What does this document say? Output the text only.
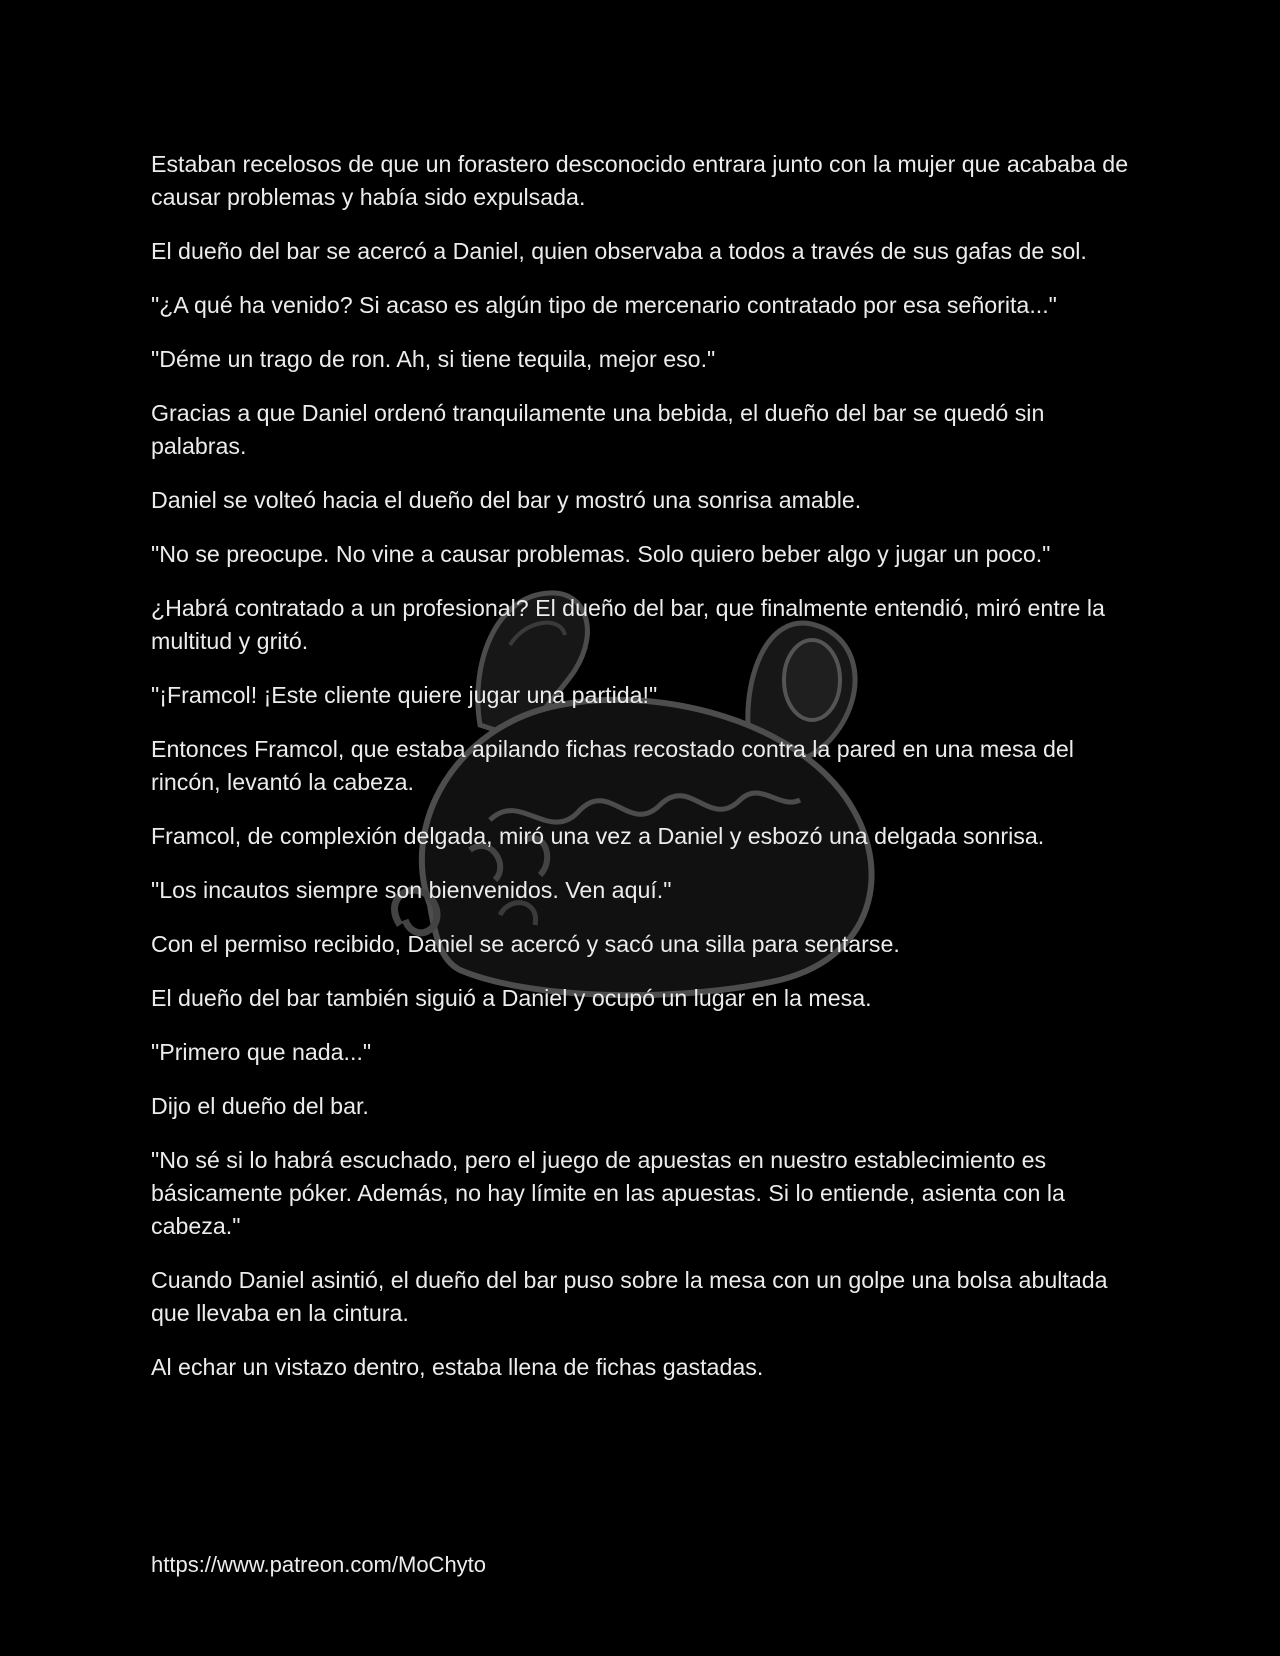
Estaban recelosos de que un forastero desconocido entrara junto con la mujer que acababa de causar problemas y había sido expulsada.

El dueño del bar se acercó a Daniel, quien observaba a todos a través de sus gafas de sol.

"¿A qué ha venido? Si acaso es algún tipo de mercenario contratado por esa señorita..."

"Déme un trago de ron. Ah, si tiene tequila, mejor eso."

Gracias a que Daniel ordenó tranquilamente una bebida, el dueño del bar se quedó sin palabras.

Daniel se volteó hacia el dueño del bar y mostró una sonrisa amable.

"No se preocupe. No vine a causar problemas. Solo quiero beber algo y jugar un poco."

¿Habrá contratado a un profesional? El dueño del bar, que finalmente entendió, miró entre la multitud y gritó.

"¡Framcol! ¡Este cliente quiere jugar una partida!"

Entonces Framcol, que estaba apilando fichas recostado contra la pared en una mesa del rincón, levantó la cabeza.

Framcol, de complexión delgada, miró una vez a Daniel y esbozó una delgada sonrisa.

"Los incautos siempre son bienvenidos. Ven aquí."

Con el permiso recibido, Daniel se acercó y sacó una silla para sentarse.

El dueño del bar también siguió a Daniel y ocupó un lugar en la mesa.

"Primero que nada..."

Dijo el dueño del bar.

"No sé si lo habrá escuchado, pero el juego de apuestas en nuestro establecimiento es básicamente póker. Además, no hay límite en las apuestas. Si lo entiende, asienta con la cabeza."

Cuando Daniel asintió, el dueño del bar puso sobre la mesa con un golpe una bolsa abultada que llevaba en la cintura.

Al echar un vistazo dentro, estaba llena de fichas gastadas.

https://www.patreon.com/MoChyto
